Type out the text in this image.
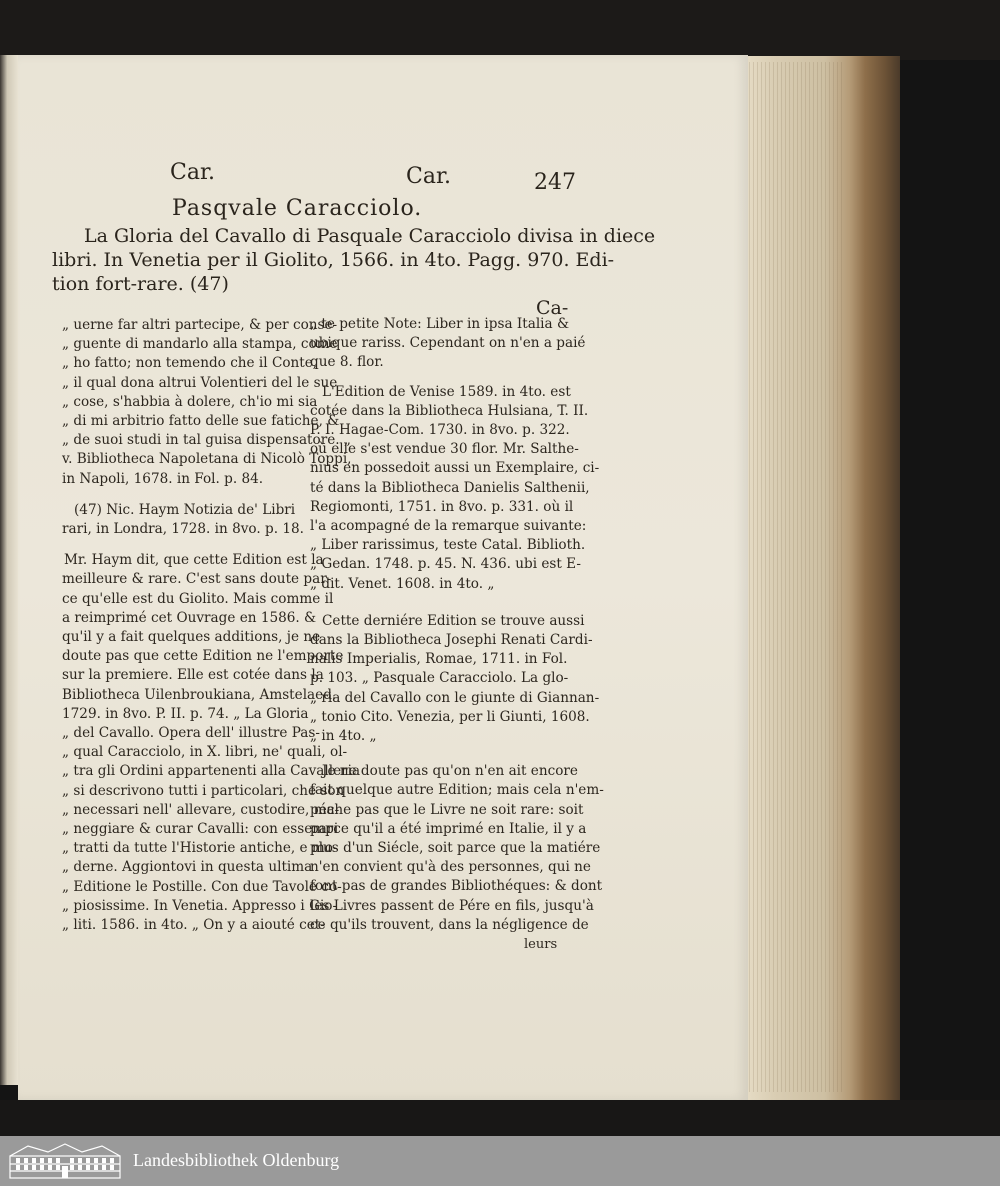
Car.	Car.	247
Pasqvale Caracciolo.
La Gloria del Cavallo di Pasquale Caracciolo divisa in diece
libri. In Venetia per il Giolito, 1566. in 4to. Pagg. 970. Edi-
tion fort-rare. (47)
Ca-
„ uerne far altri partecipe, & per conse-
„ guente di mandarlo alla stampa, come
„ ho fatto; non temendo che il Conte,
„ il qual dona altrui Volentieri del le sue
„ cose, s'habbia à dolere, ch'io mi sia
„ di mi arbitrio fatto delle sue fatiche, &
„ de suoi studi in tal guisa dispensatore. „
v. Bibliotheca Napoletana di Nicolò Toppi,
in Napoli, 1678. in Fol. p. 84.
(47) Nic. Haym Notizia de' Libri
rari, in Londra, 1728. in 8vo. p. 18.
Mr. Haym dit, que cette Edition est la
meilleure & rare. C'est sans doute par-
ce qu'elle est du Giolito. Mais comme il
a reimprimé cet Ouvrage en 1586. &
qu'il y a fait quelques additions, je ne
doute pas que cette Edition ne l'emporte
sur la premiere. Elle est cotée dans la
Bibliotheca Uilenbroukiana, Amstelaed.
1729. in 8vo. P. II. p. 74. „ La Gloria
„ del Cavallo. Opera dell' illustre Pas-
„ qual Caracciolo, in X. libri, ne' quali, ol-
„ tra gli Ordini appartenenti alla Cavalleria
„ si descrivono tutti i particolari, che son
„ necessari nell' allevare, custodire, ma-
„ neggiare & curar Cavalli: con essempi
„ tratti da tutte l'Historie antiche, e mo-
„ derne. Aggiontovi in questa ultima
„ Editione le Postille. Con due Tavole co-
„ piosissime. In Venetia. Appresso i Gio-
„ liti. 1586. in 4to. „ On y a aiouté cet-
„ te petite Note: Liber in ipsa Italia &
ubique rariss. Cependant on n'en a paié
que 8. flor.
L'Edition de Venise 1589. in 4to. est
cotée dans la Bibliotheca Hulsiana, T. II.
P. I. Hagae-Com. 1730. in 8vo. p. 322.
où elle s'est vendue 30 flor. Mr. Salthe-
nius en possedoit aussi un Exemplaire, ci-
té dans la Bibliotheca Danielis Salthenii,
Regiomonti, 1751. in 8vo. p. 331. où il
l'a acompagné de la remarque suivante:
„ Liber rarissimus, teste Catal. Biblioth.
„ Gedan. 1748. p. 45. N. 436. ubi est E-
„ dit. Venet. 1608. in 4to. „
Cette derniére Edition se trouve aussi
dans la Bibliotheca Josephi Renati Cardi-
nalis Imperialis, Romae, 1711. in Fol.
p. 103. „ Pasquale Caracciolo. La glo-
„ ria del Cavallo con le giunte di Giannan-
„ tonio Cito. Venezia, per li Giunti, 1608.
„ in 4to. „
Je ne doute pas qu'on n'en ait encore
fait quelque autre Edition; mais cela n'em-
péche pas que le Livre ne soit rare: soit
parce qu'il a été imprimé en Italie, il y a
plus d'un Siécle, soit parce que la matiére
n'en convient qu'à des personnes, qui ne
font pas de grandes Bibliothéques: & dont
les Livres passent de Pére en fils, jusqu'à
ce qu'ils trouvent, dans la négligence de
leurs
Landesbibliothek Oldenburg
